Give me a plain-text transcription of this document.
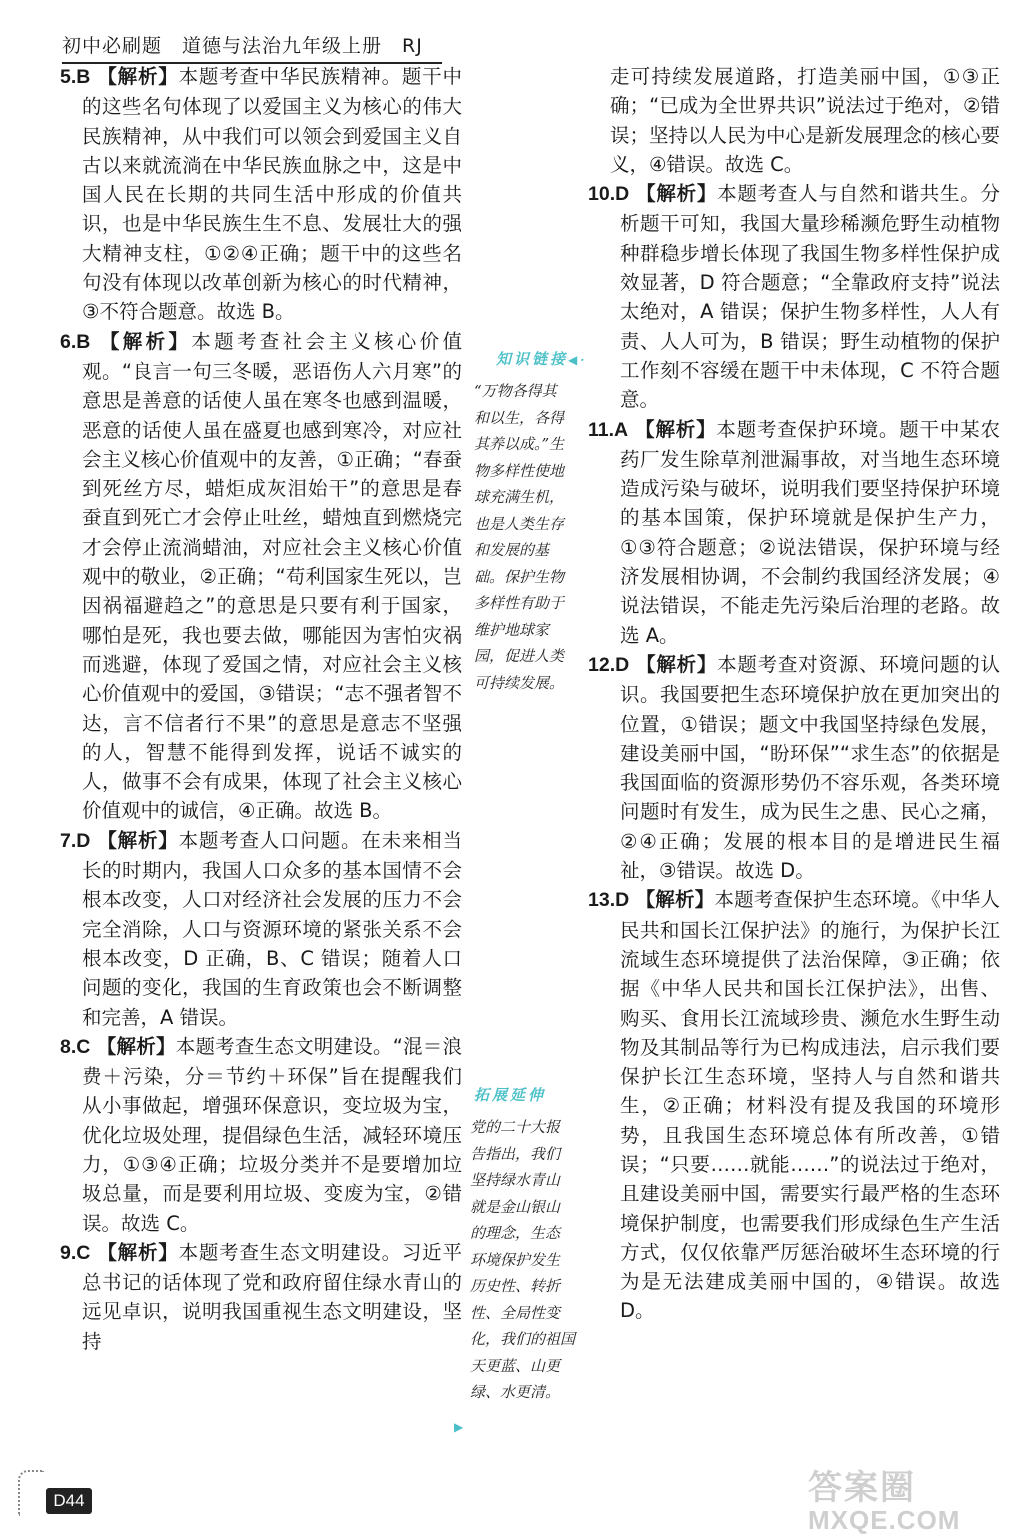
初中必刷题　道德与法治九年级上册　RJ

5.B 【解析】本题考查中华民族精神。题干中的这些名句体现了以爱国主义为核心的伟大民族精神，从中我们可以领会到爱国主义自古以来就流淌在中华民族血脉之中，这是中国人民在长期的共同生活中形成的价值共识，也是中华民族生生不息、发展壮大的强大精神支柱，①②④正确；题干中的这些名句没有体现以改革创新为核心的时代精神，③不符合题意。故选 B。

6.B 【解析】本题考查社会主义核心价值观。“良言一句三冬暖，恶语伤人六月寒”的意思是善意的话使人虽在寒冬也感到温暖，恶意的话使人虽在盛夏也感到寒冷，对应社会主义核心价值观中的友善，①正确；“春蚕到死丝方尽，蜡炬成灰泪始干”的意思是春蚕直到死亡才会停止吐丝，蜡烛直到燃烧完才会停止流淌蜡油，对应社会主义核心价值观中的敬业，②正确；“苟利国家生死以，岂因祸福避趋之”的意思是只要有利于国家，哪怕是死，我也要去做，哪能因为害怕灾祸而逃避，体现了爱国之情，对应社会主义核心价值观中的爱国，③错误；“志不强者智不达，言不信者行不果”的意思是意志不坚强的人，智慧不能得到发挥，说话不诚实的人，做事不会有成果，体现了社会主义核心价值观中的诚信，④正确。故选 B。

7.D 【解析】本题考查人口问题。在未来相当长的时期内，我国人口众多的基本国情不会根本改变，人口对经济社会发展的压力不会完全消除，人口与资源环境的紧张关系不会根本改变，D 正确，B、C 错误；随着人口问题的变化，我国的生育政策也会不断调整和完善，A 错误。

8.C 【解析】本题考查生态文明建设。“混＝浪费＋污染，分＝节约＋环保”旨在提醒我们从小事做起，增强环保意识，变垃圾为宝，优化垃圾处理，提倡绿色生活，减轻环境压力，①③④正确；垃圾分类并不是要增加垃圾总量，而是要利用垃圾、变废为宝，②错误。故选 C。

9.C 【解析】本题考查生态文明建设。习近平总书记的话体现了党和政府留住绿水青山的远见卓识，说明我国重视生态文明建设，坚持

知识链接◀·
“万物各得其
和以生，各得
其养以成。”生
物多样性使地
球充满生机，
也是人类生存
和发展的基
础。保护生物
多样性有助于
维护地球家
园，促进人类
可持续发展。
拓展延伸
党的二十大报
告指出，我们
坚持绿水青山
就是金山银山
的理念，生态
环境保护发生
历史性、转折
性、全局性变
化，我们的祖国
天更蓝、山更
绿、水更清。
▶

走可持续发展道路，打造美丽中国，①③正确；“已成为全世界共识”说法过于绝对，②错误；坚持以人民为中心是新发展理念的核心要义，④错误。故选 C。

10.D 【解析】本题考查人与自然和谐共生。分析题干可知，我国大量珍稀濒危野生动植物种群稳步增长体现了我国生物多样性保护成效显著，D 符合题意；“全靠政府支持”说法太绝对，A 错误；保护生物多样性，人人有责、人人可为，B 错误；野生动植物的保护工作刻不容缓在题干中未体现，C 不符合题意。

11.A 【解析】本题考查保护环境。题干中某农药厂发生除草剂泄漏事故，对当地生态环境造成污染与破坏，说明我们要坚持保护环境的基本国策，保护环境就是保护生产力，①③符合题意；②说法错误，保护环境与经济发展相协调，不会制约我国经济发展；④说法错误，不能走先污染后治理的老路。故选 A。

12.D 【解析】本题考查对资源、环境问题的认识。我国要把生态环境保护放在更加突出的位置，①错误；题文中我国坚持绿色发展，建设美丽中国，“盼环保”“求生态”的依据是我国面临的资源形势仍不容乐观，各类环境问题时有发生，成为民生之患、民心之痛，②④正确；发展的根本目的是增进民生福祉，③错误。故选 D。

13.D 【解析】本题考查保护生态环境。《中华人民共和国长江保护法》的施行，为保护长江流域生态环境提供了法治保障，③正确；依据《中华人民共和国长江保护法》，出售、购买、食用长江流域珍贵、濒危水生野生动物及其制品等行为已构成违法，启示我们要保护长江生态环境，坚持人与自然和谐共生，②正确；材料没有提及我国的环境形势，且我国生态环境总体有所改善，①错误；“只要……就能……”的说法过于绝对，且建设美丽中国，需要实行最严格的生态环境保护制度，也需要我们形成绿色生产生活方式，仅仅依靠严厉惩治破坏生态环境的行为是无法建成美丽中国的，④错误。故选 D。

D44	答案圈
MXQE.COM
